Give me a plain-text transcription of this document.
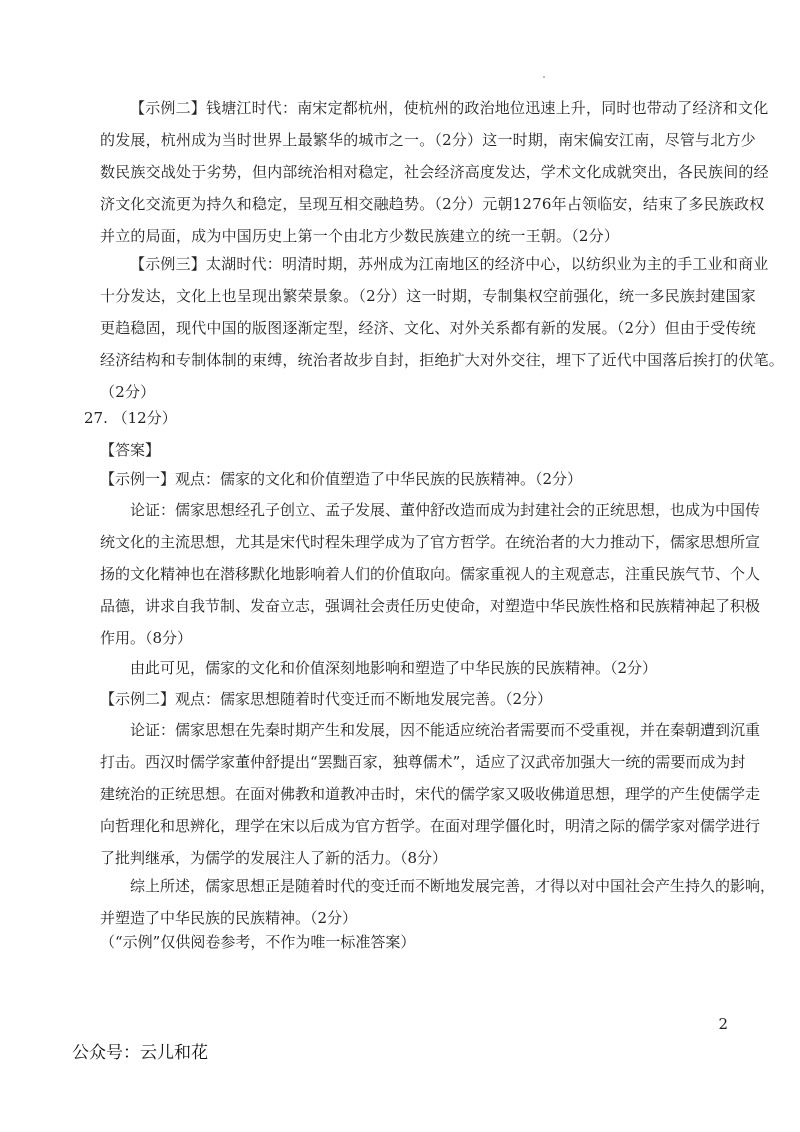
【示例二】钱塘江时代：南宋定都杭州，使杭州的政治地位迅速上升，同时也带动了经济和文化
的发展，杭州成为当时世界上最繁华的城市之一。（2分）这一时期，南宋偏安江南，尽管与北方少
数民族交战处于劣势，但内部统治相对稳定，社会经济高度发达，学术文化成就突出，各民族间的经
济文化交流更为持久和稳定，呈现互相交融趋势。（2分）元朝1276年占领临安，结束了多民族政权
并立的局面，成为中国历史上第一个由北方少数民族建立的统一王朝。（2分）
【示例三】太湖时代：明清时期，苏州成为江南地区的经济中心，以纺织业为主的手工业和商业
十分发达，文化上也呈现出繁荣景象。（2分）这一时期，专制集权空前强化，统一多民族封建国家
更趋稳固，现代中国的版图逐渐定型，经济、文化、对外关系都有新的发展。（2分）但由于受传统
经济结构和专制体制的束缚，统治者故步自封，拒绝扩大对外交往，埋下了近代中国落后挨打的伏笔。
（2分）
27. （12分）
【答案】
【示例一】观点：儒家的文化和价值塑造了中华民族的民族精神。（2分）
论证：儒家思想经孔子创立、孟子发展、董仲舒改造而成为封建社会的正统思想，也成为中国传
统文化的主流思想，尤其是宋代时程朱理学成为了官方哲学。在统治者的大力推动下，儒家思想所宣
扬的文化精神也在潜移默化地影响着人们的价值取向。儒家重视人的主观意志，注重民族气节、个人
品德，讲求自我节制、发奋立志，强调社会责任历史使命，对塑造中华民族性格和民族精神起了积极
作用。（8分）
由此可见，儒家的文化和价值深刻地影响和塑造了中华民族的民族精神。（2分）
【示例二】观点：儒家思想随着时代变迁而不断地发展完善。（2分）
论证：儒家思想在先秦时期产生和发展，因不能适应统治者需要而不受重视，并在秦朝遭到沉重
打击。西汉时儒学家董仲舒提出“罢黜百家，独尊儒术”，适应了汉武帝加强大一统的需要而成为封
建统治的正统思想。在面对佛教和道教冲击时，宋代的儒学家又吸收佛道思想，理学的产生使儒学走
向哲理化和思辨化，理学在宋以后成为官方哲学。在面对理学僵化时，明清之际的儒学家对儒学进行
了批判继承，为儒学的发展注人了新的活力。（8分）
综上所述，儒家思想正是随着时代的变迁而不断地发展完善，才得以对中国社会产生持久的影响，
并塑造了中华民族的民族精神。（2分）
（“示例”仅供阅卷参考，不作为唯一标准答案）
2
公众号：云儿和花
